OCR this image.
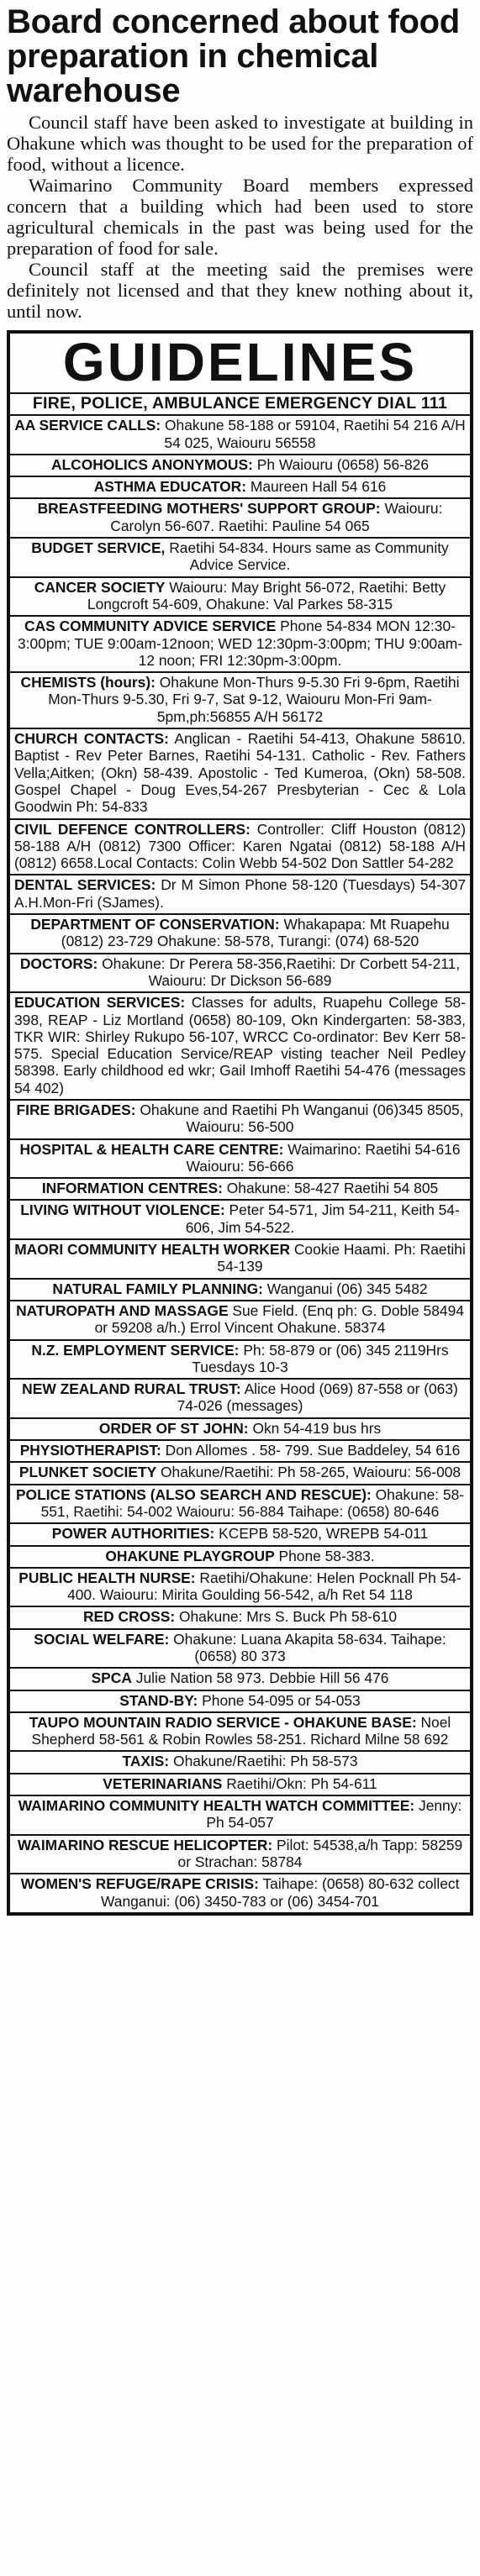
Board concerned about food preparation in chemical warehouse

Council staff have been asked to investigate at building in Ohakune which was thought to be used for the preparation of food, without a licence.

Waimarino Community Board members expressed concern that a building which had been used to store agricultural chemicals in the past was being used for the preparation of food for sale.

Council staff at the meeting said the premises were definitely not licensed and that they knew nothing about it, until now.

GUIDELINES
FIRE, POLICE, AMBULANCE EMERGENCY DIAL 111
AA SERVICE CALLS: Ohakune 58-188 or 59104, Raetihi 54 216 A/H 54 025, Waiouru 56558
ALCOHOLICS ANONYMOUS: Ph Waiouru (0658) 56-826
ASTHMA EDUCATOR: Maureen Hall 54 616
BREASTFEEDING MOTHERS' SUPPORT GROUP: Waiouru: Carolyn 56-607. Raetihi: Pauline 54 065
BUDGET SERVICE, Raetihi 54-834. Hours same as Community Advice Service.
CANCER SOCIETY Waiouru: May Bright 56-072, Raetihi: Betty Longcroft 54-609, Ohakune: Val Parkes 58-315
CAS COMMUNITY ADVICE SERVICE Phone 54-834 MON 12:30-3:00pm; TUE 9:00am-12noon; WED 12:30pm-3:00pm; THU 9:00am-12 noon; FRI 12:30pm-3:00pm.
CHEMISTS (hours): Ohakune Mon-Thurs 9-5.30 Fri 9-6pm, Raetihi Mon-Thurs 9-5.30, Fri 9-7, Sat 9-12, Waiouru Mon-Fri 9am-5pm,ph:56855 A/H 56172
CHURCH CONTACTS: Anglican - Raetihi 54-413, Ohakune 58610. Baptist - Rev Peter Barnes, Raetihi 54-131. Catholic - Rev. Fathers Vella;Aitken; (Okn) 58-439. Apostolic - Ted Kumeroa, (Okn) 58-508. Gospel Chapel - Doug Eves,54-267 Presbyterian - Cec & Lola Goodwin Ph: 54-833
CIVIL DEFENCE CONTROLLERS: Controller: Cliff Houston (0812) 58-188 A/H (0812) 7300 Officer: Karen Ngatai (0812) 58-188 A/H (0812) 6658.Local Contacts: Colin Webb 54-502 Don Sattler 54-282
DENTAL SERVICES: Dr M Simon Phone 58-120 (Tuesdays) 54-307 A.H.Mon-Fri (SJames).
DEPARTMENT OF CONSERVATION: Whakapapa: Mt Ruapehu (0812) 23-729 Ohakune: 58-578, Turangi: (074) 68-520
DOCTORS: Ohakune: Dr Perera 58-356,Raetihi: Dr Corbett 54-211, Waiouru: Dr Dickson 56-689
EDUCATION SERVICES: Classes for adults, Ruapehu College 58-398, REAP - Liz Mortland (0658) 80-109, Okn Kindergarten: 58-383, TKR WIR: Shirley Rukupo 56-107, WRCC Co-ordinator: Bev Kerr 58-575. Special Education Service/REAP visting teacher Neil Pedley 58398. Early childhood ed wkr; Gail Imhoff Raetihi 54-476 (messages 54 402)
FIRE BRIGADES: Ohakune and Raetihi Ph Wanganui (06)345 8505, Waiouru: 56-500
HOSPITAL & HEALTH CARE CENTRE: Waimarino: Raetihi 54-616 Waiouru: 56-666
INFORMATION CENTRES: Ohakune: 58-427 Raetihi 54 805
LIVING WITHOUT VIOLENCE: Peter 54-571, Jim 54-211, Keith 54-606, Jim 54-522.
MAORI COMMUNITY HEALTH WORKER Cookie Haami. Ph: Raetihi 54-139
NATURAL FAMILY PLANNING: Wanganui (06) 345 5482
NATUROPATH AND MASSAGE Sue Field. (Enq ph: G. Doble 58494 or 59208 a/h.) Errol Vincent Ohakune. 58374
N.Z. EMPLOYMENT SERVICE: Ph: 58-879 or (06) 345 2119Hrs Tuesdays 10-3
NEW ZEALAND RURAL TRUST: Alice Hood (069) 87-558 or (063) 74-026 (messages)
ORDER OF ST JOHN: Okn 54-419 bus hrs
PHYSIOTHERAPIST: Don Allomes . 58- 799. Sue Baddeley, 54 616
PLUNKET SOCIETY Ohakune/Raetihi: Ph 58-265, Waiouru: 56-008
POLICE STATIONS (ALSO SEARCH AND RESCUE): Ohakune: 58-551, Raetihi: 54-002 Waiouru: 56-884 Taihape: (0658) 80-646
POWER AUTHORITIES: KCEPB 58-520, WREPB 54-011
OHAKUNE PLAYGROUP Phone 58-383.
PUBLIC HEALTH NURSE: Raetihi/Ohakune: Helen Pocknall Ph 54-400. Waiouru: Mirita Goulding 56-542, a/h Ret 54 118
RED CROSS: Ohakune: Mrs S. Buck Ph 58-610
SOCIAL WELFARE: Ohakune: Luana Akapita 58-634. Taihape: (0658) 80 373
SPCA Julie Nation 58 973. Debbie Hill 56 476
STAND-BY: Phone 54-095 or 54-053
TAUPO MOUNTAIN RADIO SERVICE - OHAKUNE BASE: Noel Shepherd 58-561 & Robin Rowles 58-251. Richard Milne 58 692
TAXIS: Ohakune/Raetihi: Ph 58-573
VETERINARIANS Raetihi/Okn: Ph 54-611
WAIMARINO COMMUNITY HEALTH WATCH COMMITTEE: Jenny: Ph 54-057
WAIMARINO RESCUE HELICOPTER: Pilot: 54538,a/h Tapp: 58259 or Strachan: 58784
WOMEN'S REFUGE/RAPE CRISIS: Taihape: (0658) 80-632 collect Wanganui: (06) 3450-783 or (06) 3454-701
